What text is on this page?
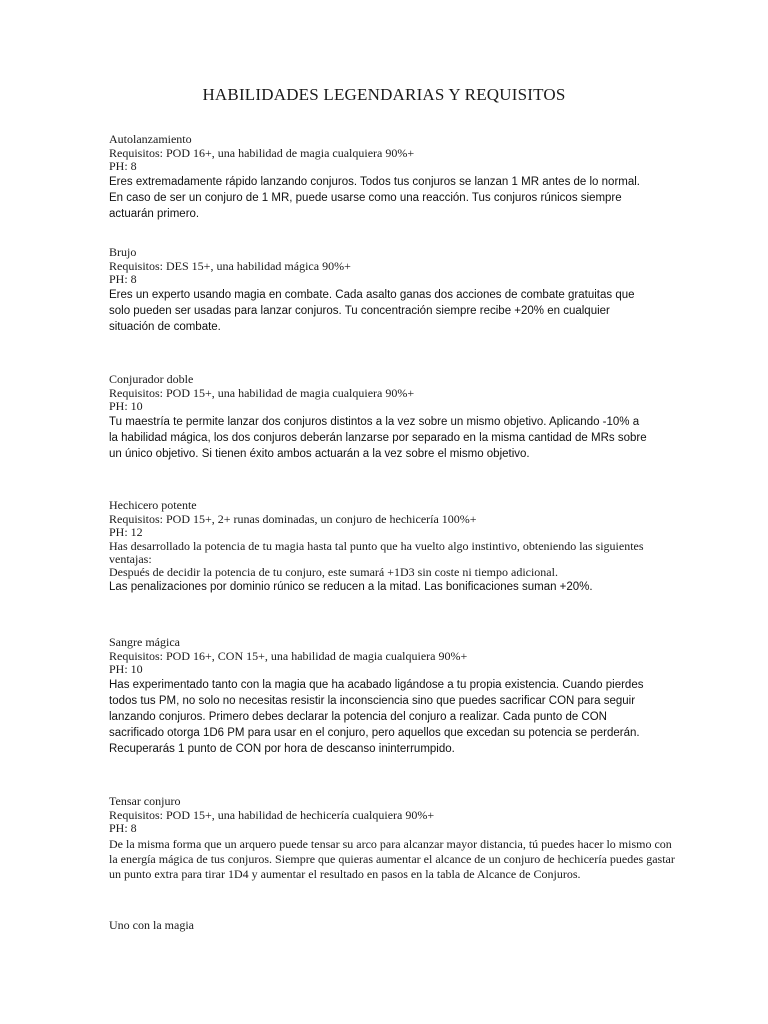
HABILIDADES LEGENDARIAS Y REQUISITOS
Autolanzamiento
Requisitos: POD 16+, una habilidad de magia cualquiera 90%+
PH: 8
Eres extremadamente rápido lanzando conjuros. Todos tus conjuros se lanzan 1 MR antes de lo normal.
En caso de ser un conjuro de 1 MR, puede usarse como una reacción. Tus conjuros rúnicos siempre
actuarán primero.
Brujo
Requisitos: DES 15+, una habilidad mágica 90%+
PH: 8
Eres un experto usando magia en combate. Cada asalto ganas dos acciones de combate gratuitas que
solo pueden ser usadas para lanzar conjuros. Tu concentración siempre recibe +20% en cualquier
situación de combate.
Conjurador doble
Requisitos: POD 15+, una habilidad de magia cualquiera 90%+
PH: 10
Tu maestría te permite lanzar dos conjuros distintos a la vez sobre un mismo objetivo. Aplicando -10% a
la habilidad mágica, los dos conjuros deberán lanzarse por separado en la misma cantidad de MRs sobre
un único objetivo. Si tienen éxito ambos actuarán a la vez sobre el mismo objetivo.
Hechicero potente
Requisitos: POD 15+, 2+ runas dominadas, un conjuro de hechicería 100%+
PH: 12
Has desarrollado la potencia de tu magia hasta tal punto que ha vuelto algo instintivo, obteniendo las siguientes
ventajas:
Después de decidir la potencia de tu conjuro, este sumará +1D3 sin coste ni tiempo adicional.
Las penalizaciones por dominio rúnico se reducen a la mitad. Las bonificaciones suman +20%.
Sangre mágica
Requisitos: POD 16+, CON 15+, una habilidad de magia cualquiera 90%+
PH: 10
Has experimentado tanto con la magia que ha acabado ligándose a tu propia existencia. Cuando pierdes
todos tus PM, no solo no necesitas resistir la inconsciencia sino que puedes sacrificar CON para seguir
lanzando conjuros. Primero debes declarar la potencia del conjuro a realizar. Cada punto de CON
sacrificado otorga 1D6 PM para usar en el conjuro, pero aquellos que excedan su potencia se perderán.
Recuperarás 1 punto de CON por hora de descanso ininterrumpido.
Tensar conjuro
Requisitos: POD 15+, una habilidad de hechicería cualquiera 90%+
PH: 8
De la misma forma que un arquero puede tensar su arco para alcanzar mayor distancia, tú puedes hacer lo mismo con
la energía mágica de tus conjuros. Siempre que quieras aumentar el alcance de un conjuro de hechicería puedes gastar
un punto extra para tirar 1D4 y aumentar el resultado en pasos en la tabla de Alcance de Conjuros.
Uno con la magia
